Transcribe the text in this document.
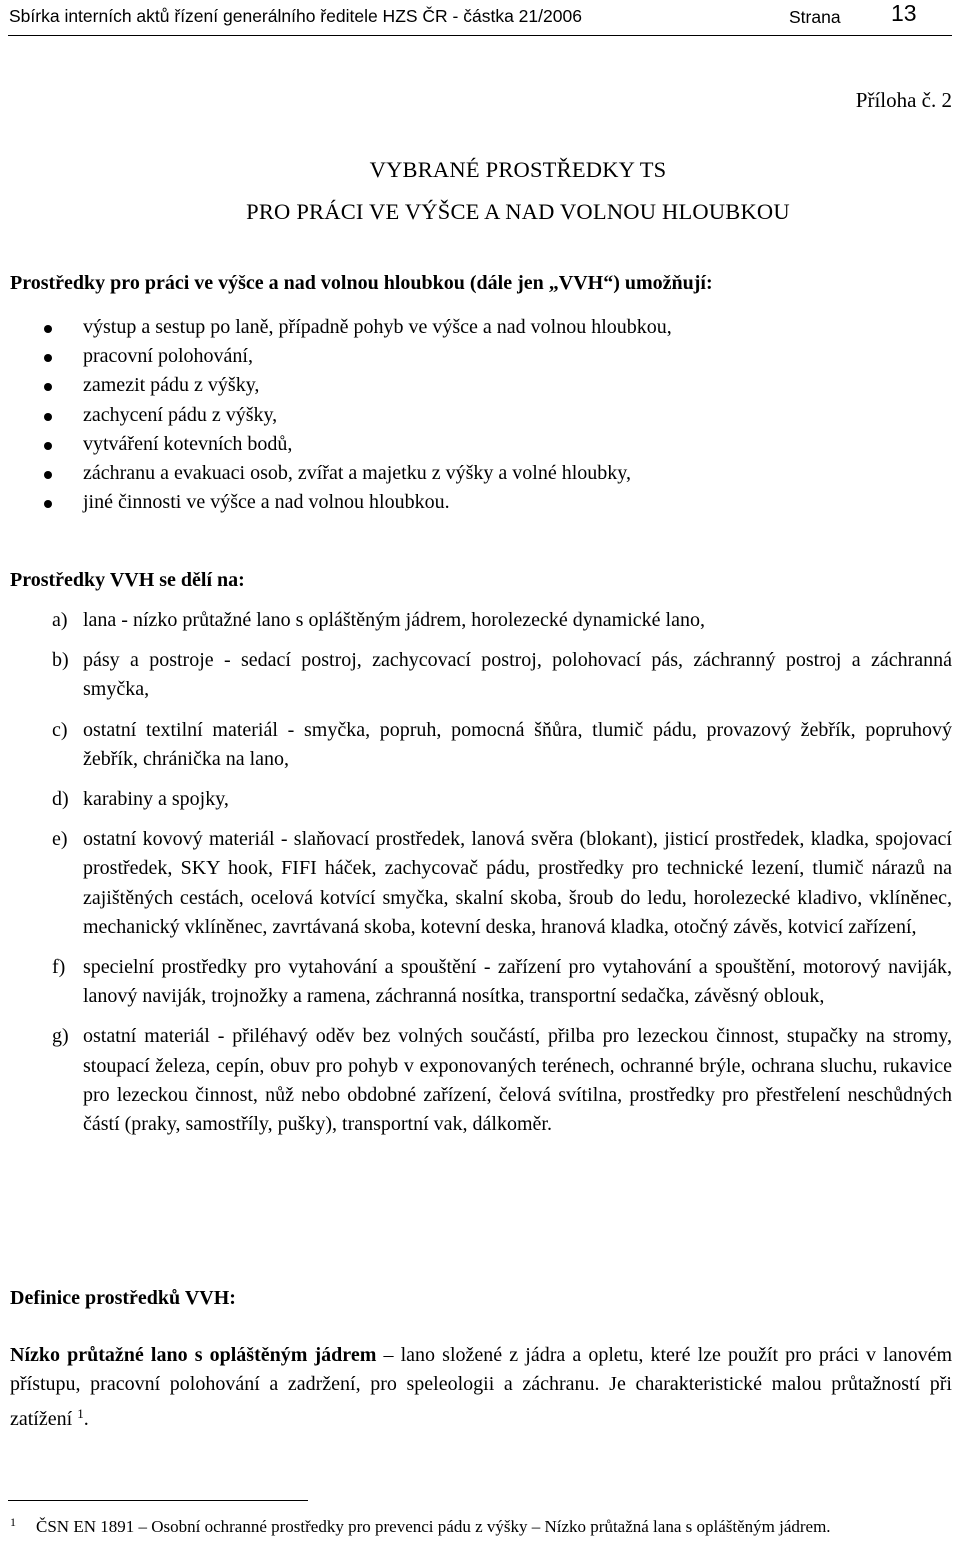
Sbírka interních aktů řízení generálního ředitele HZS ČR - částka 21/2006	Strana 13
Příloha č. 2
VYBRANÉ PROSTŘEDKY TS
PRO PRÁCI VE VÝŠCE A NAD VOLNOU HLOUBKOU
Prostředky pro práci ve výšce a nad volnou hloubkou (dále jen „VVH“) umožňují:
výstup a sestup po laně, případně pohyb ve výšce a nad volnou hloubkou,
pracovní polohování,
zamezit pádu z výšky,
zachycení pádu z výšky,
vytváření kotevních bodů,
záchranu a evakuaci osob, zvířat a majetku z výšky a volné hloubky,
jiné činnosti ve výšce a nad volnou hloubkou.
Prostředky VVH se dělí na:
a) lana - nízko průtažné lano s opláštěným jádrem, horolezecké dynamické lano,
b) pásy a postroje - sedací postroj, zachycovací postroj, polohovací pás, záchranný postroj a záchranná smyčka,
c) ostatní textilní materiál - smyčka, popruh, pomocná šňůra, tlumič pádu, provazový žebřík, popruhový žebřík, chránička na lano,
d) karabiny a spojky,
e) ostatní kovový materiál - slaňovací prostředek, lanová svěra (blokant), jisticí prostředek, kladka, spojovací prostředek, SKY hook, FIFI háček, zachycovač pádu, prostředky pro technické lezení, tlumič nárazů na zajištěných cestách, ocelová kotvící smyčka, skalní skoba, šroub do ledu, horolezecké kladivo, vklíněnec, mechanický vklíněnec, zavrtávaná skoba, kotevní deska, hranová kladka, otočný závěs, kotvicí zařízení,
f) specielní prostředky pro vytahování a spouštění - zařízení pro vytahování a spouštění, motorový naviják, lanový naviják, trojnožky a ramena, záchranná nosítka, transportní sedačka, závěsný oblouk,
g) ostatní materiál - přiléhavý oděv bez volných součástí, přilba pro lezeckou činnost, stupačky na stromy, stoupací železa, cepín, obuv pro pohyb v exponovaných terénech, ochranné brýle, ochrana sluchu, rukavice pro lezeckou činnost, nůž nebo obdobné zařízení, čelová svítilna, prostředky pro přestřelení neschůdných částí (praky, samostříly, pušky), transportní vak, dálkoměr.
Definice prostředků VVH:
Nízko průtažné lano s opláštěným jádrem – lano složené z jádra a opletu, které lze použít pro práci v lanovém přístupu, pracovní polohování a zadržení, pro speleologii a záchranu. Je charakteristické malou průtažností při zatížení $^1$.
1	ČSN EN 1891 – Osobní ochranné prostředky pro prevenci pádu z výšky – Nízko průtažná lana s opláštěným jádrem.
